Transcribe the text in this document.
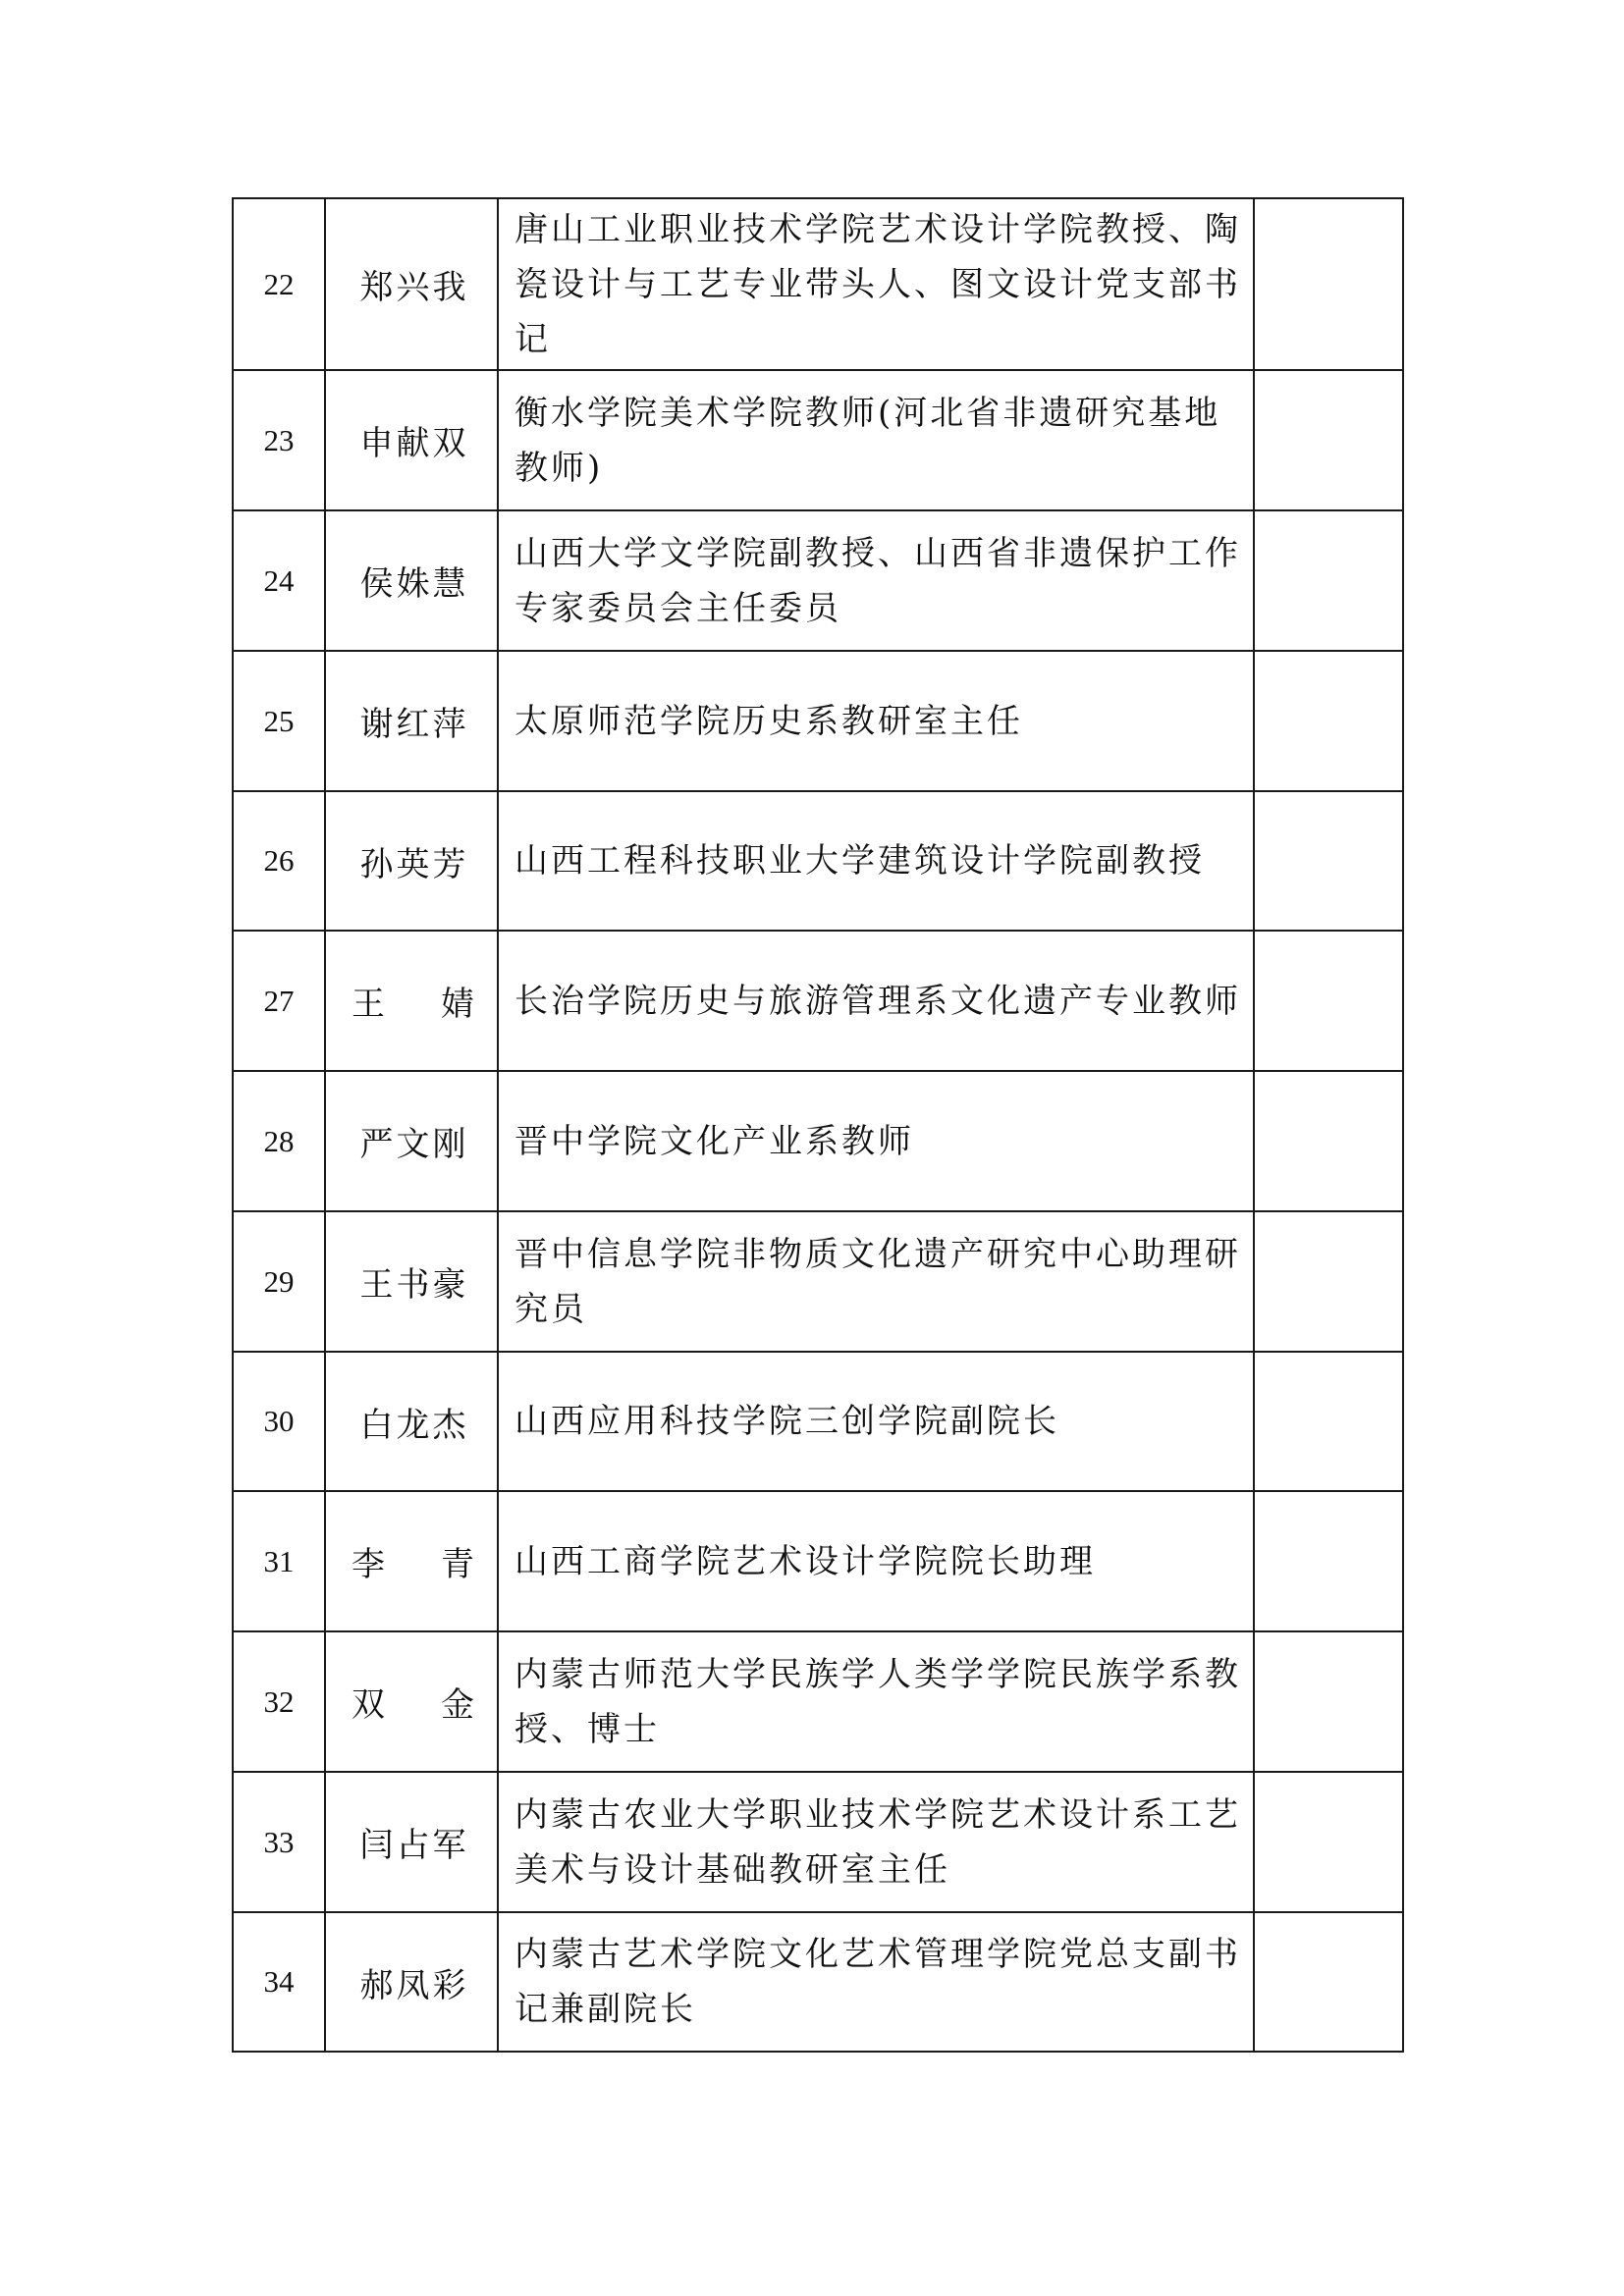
22	郑兴我	唐山工业职业技术学院艺术设计学院教授、陶瓷设计与工艺专业带头人、图文设计党支部书记	
23	申献双	衡水学院美术学院教师(河北省非遗研究基地教师)	
24	侯姝慧	山西大学文学院副教授、山西省非遗保护工作专家委员会主任委员	
25	谢红萍	太原师范学院历史系教研室主任	
26	孙英芳	山西工程科技职业大学建筑设计学院副教授	
27	王 婧	长治学院历史与旅游管理系文化遗产专业教师	
28	严文刚	晋中学院文化产业系教师	
29	王书豪	晋中信息学院非物质文化遗产研究中心助理研究员	
30	白龙杰	山西应用科技学院三创学院副院长	
31	李 青	山西工商学院艺术设计学院院长助理	
32	双 金	内蒙古师范大学民族学人类学学院民族学系教授、博士	
33	闫占军	内蒙古农业大学职业技术学院艺术设计系工艺美术与设计基础教研室主任	
34	郝凤彩	内蒙古艺术学院文化艺术管理学院党总支副书记兼副院长	
